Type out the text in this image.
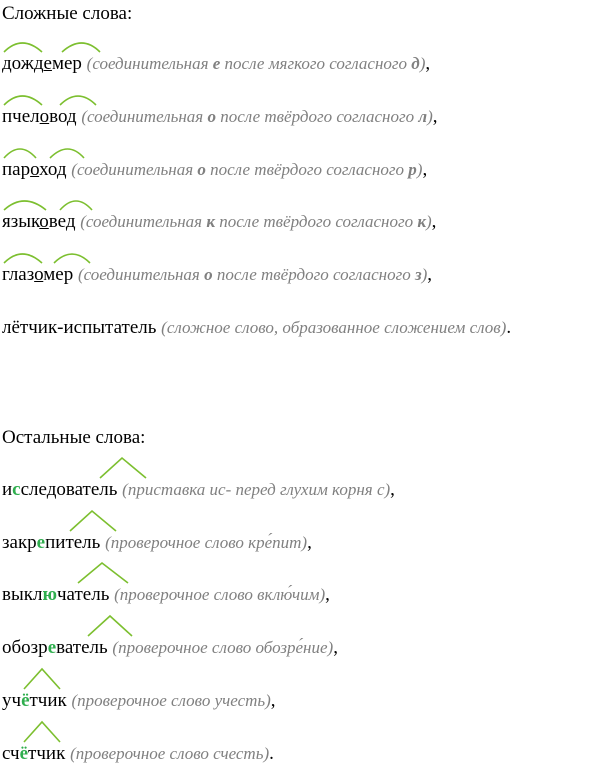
Сложные слова:
дождемер (соединительная е после мягкого согласного д),
пчеловод (соединительная о после твёрдого согласного л),
пароход (соединительная о после твёрдого согласного р),
языковед (соединительная к после твёрдого согласного к),
глазомер (соединительная о после твёрдого согласного з),
лётчик-испытатель (сложное слово, образованное сложением слов).
Остальные слова:
исследователь (приставка ис- перед глухим корня с),
закрепитель (проверочное слово кре́пит),
выключатель (проверочное слово вклю́чим),
обозреватель (проверочное слово обозре́ние),
учётчик (проверочное слово учесть),
счётчик (проверочное слово счесть).
